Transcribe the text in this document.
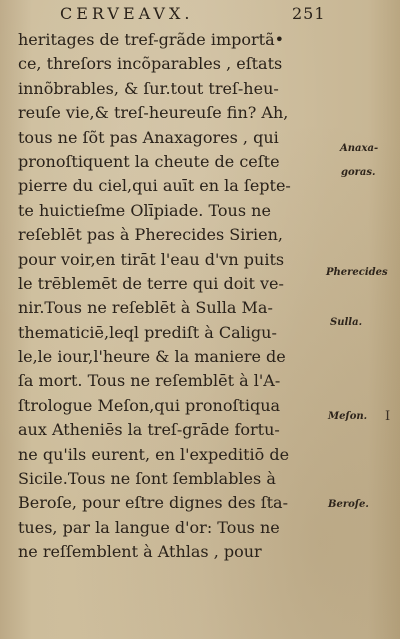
CERVEAVX.	251
heritages de tref-grãde importã•
ce, threſors incõparables , eſtats
innõbrables, & ſur.tout treſ-heu-
reuſe vie,& treſ-heureuſe fin? Ah,
tous ne ſõt pas Anaxagores , qui
pronoſtiquent la cheute de ceſte
pierre du ciel,qui auīt en la ſepte-
te huictieſme Olīpiade. Tous ne
reſeblēt pas à Pherecides Sirien,
pour voir,en tirāt l'eau d'vn puits
le trēblemēt de terre qui doit ve-
nir.Tous ne reſeblēt à Sulla Ma-
thematiciē,leql prediſt à Caligu-
le,le iour,l'heure & la maniere de
ſa mort. Tous ne reſemblēt à l'A-
ſtrologue Meſon,qui pronoſtiqua
aux Atheniēs la treſ-grāde fortu-
ne qu'ils eurent, en l'expeditiō de
Sicile.Tous ne ſont ſemblables à
Beroſe, pour eſtre dignes des ſta-
tues, par la langue d'or: Tous ne
ne reſſemblent à Athlas , pour
Anaxa-
goras.
Pherecides
Sulla.
Meſon.
Beroſe.
I
